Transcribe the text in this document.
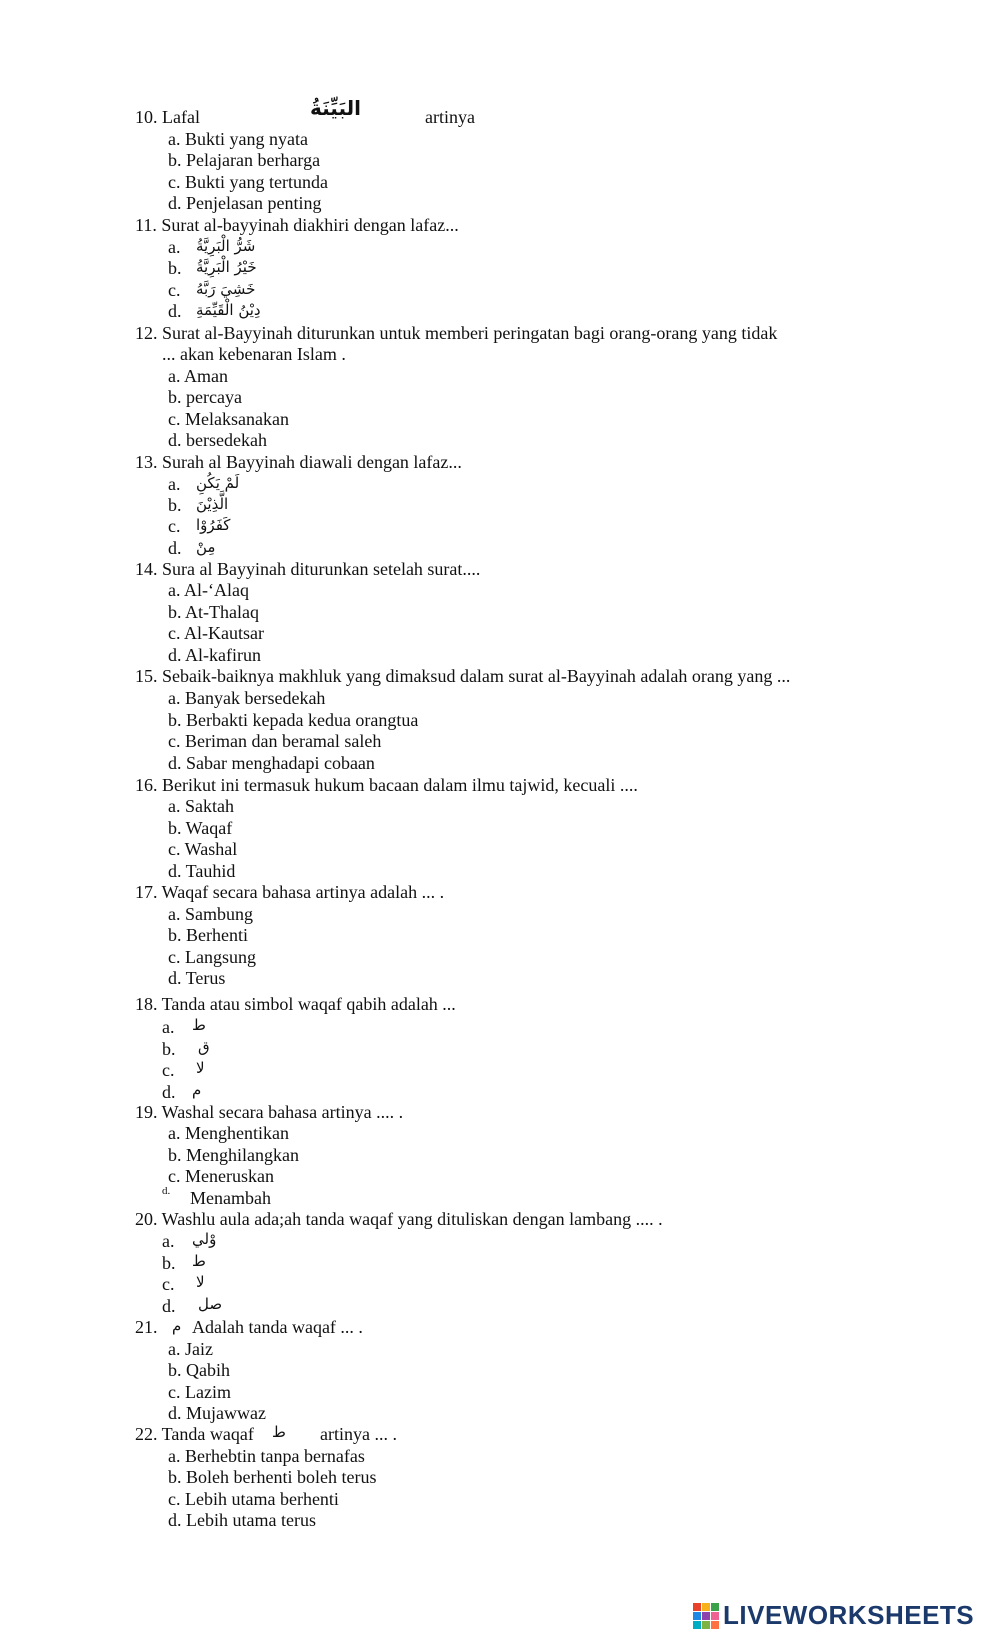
10. Lafal	البَيِّنَةُ	artinya
a. Bukti yang nyata
b. Pelajaran berharga
c. Bukti yang tertunda
d. Penjelasan penting
11. Surat al-bayyinah diakhiri dengan lafaz...
a. شَرُّ الْبَرِيَّةُ
b. خَيْرُ الْبَرِيَّةُ
c. خَشِيَ رَبَّهُ
d. دِيْنُ الْقَيِّمَةِ
12. Surat al-Bayyinah diturunkan untuk memberi peringatan bagi orang-orang yang tidak
... akan kebenaran Islam .
a. Aman
b. percaya
c. Melaksanakan
d. bersedekah
13. Surah al Bayyinah diawali dengan lafaz...
a. لَمْ يَكُنِ
b. الَّذِيْنَ
c. كَفَرُوْا
d. مِنْ
14. Sura al Bayyinah diturunkan setelah surat....
a. Al-‘Alaq
b. At-Thalaq
c. Al-Kautsar
d. Al-kafirun
15. Sebaik-baiknya makhluk yang dimaksud dalam surat al-Bayyinah adalah orang yang ...
a. Banyak bersedekah
b. Berbakti kepada kedua orangtua
c. Beriman dan beramal saleh
d. Sabar menghadapi cobaan
16. Berikut ini termasuk hukum bacaan dalam ilmu tajwid, kecuali ....
a. Saktah
b. Waqaf
c. Washal
d. Tauhid
17. Waqaf secara bahasa artinya adalah ... .
a. Sambung
b. Berhenti
c. Langsung
d. Terus
18. Tanda atau simbol waqaf qabih adalah ...
a. ط
b. ق
c. لا
d. م
19. Washal secara bahasa artinya .... .
a. Menghentikan
b. Menghilangkan
c. Meneruskan
d. Menambah
20. Washlu aula ada;ah tanda waqaf yang dituliskan dengan lambang .... .
a. وْلي
b. ط
c. لا
d. صل
21. م Adalah tanda waqaf ... .
a. Jaiz
b. Qabih
c. Lazim
d. Mujawwaz
22. Tanda waqaf ط artinya ... .
a. Berhebtin tanpa bernafas
b. Boleh berhenti boleh terus
c. Lebih utama berhenti
d. Lebih utama terus
LIVEWORKSHEETS
